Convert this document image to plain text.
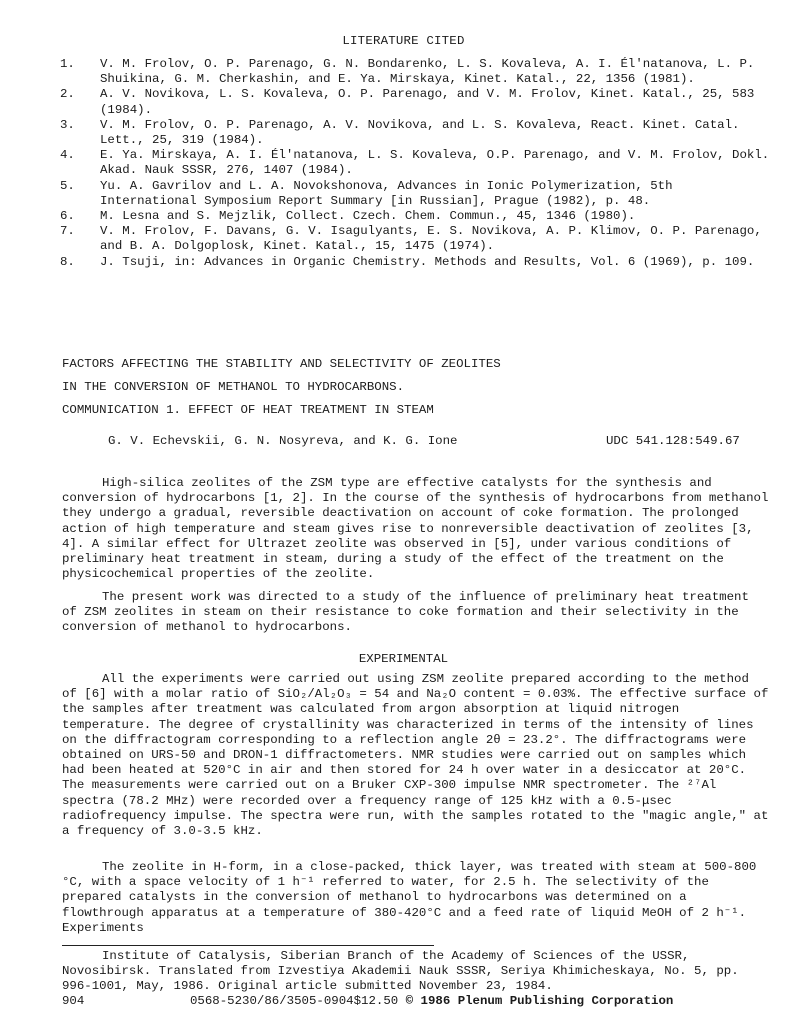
LITERATURE CITED
1.	V. M. Frolov, O. P. Parenago, G. N. Bondarenko, L. S. Kovaleva, A. I. Él'natanova, L. P. Shuikina, G. M. Cherkashin, and E. Ya. Mirskaya, Kinet. Katal., 22, 1356 (1981).
2.	A. V. Novikova, L. S. Kovaleva, O. P. Parenago, and V. M. Frolov, Kinet. Katal., 25, 583 (1984).
3.	V. M. Frolov, O. P. Parenago, A. V. Novikova, and L. S. Kovaleva, React. Kinet. Catal. Lett., 25, 319 (1984).
4.	E. Ya. Mirskaya, A. I. Él'natanova, L. S. Kovaleva, O.P. Parenago, and V. M. Frolov, Dokl. Akad. Nauk SSSR, 276, 1407 (1984).
5.	Yu. A. Gavrilov and L. A. Novokshonova, Advances in Ionic Polymerization, 5th International Symposium Report Summary [in Russian], Prague (1982), p. 48.
6.	M. Lesna and S. Mejzlik, Collect. Czech. Chem. Commun., 45, 1346 (1980).
7.	V. M. Frolov, F. Davans, G. V. Isagulyants, E. S. Novikova, A. P. Klimov, O. P. Parenago, and B. A. Dolgoplosk, Kinet. Katal., 15, 1475 (1974).
8.	J. Tsuji, in: Advances in Organic Chemistry. Methods and Results, Vol. 6 (1969), p. 109.
FACTORS AFFECTING THE STABILITY AND SELECTIVITY OF ZEOLITES
IN THE CONVERSION OF METHANOL TO HYDROCARBONS.
COMMUNICATION 1. EFFECT OF HEAT TREATMENT IN STEAM
G. V. Echevskii, G. N. Nosyreva, and K. G. Ione	UDC 541.128:549.67

High-silica zeolites of the ZSM type are effective catalysts for the synthesis and conversion of hydrocarbons [1, 2]. In the course of the synthesis of hydrocarbons from methanol they undergo a gradual, reversible deactivation on account of coke formation. The prolonged action of high temperature and steam gives rise to nonreversible deactivation of zeolites [3, 4]. A similar effect for Ultrazet zeolite was observed in [5], under various conditions of preliminary heat treatment in steam, during a study of the effect of the treatment on the physicochemical properties of the zeolite.

The present work was directed to a study of the influence of preliminary heat treatment of ZSM zeolites in steam on their resistance to coke formation and their selectivity in the conversion of methanol to hydrocarbons.

EXPERIMENTAL

All the experiments were carried out using ZSM zeolite prepared according to the method of [6] with a molar ratio of SiO₂/Al₂O₃ = 54 and Na₂O content = 0.03%. The effective surface of the samples after treatment was calculated from argon absorption at liquid nitrogen temperature. The degree of crystallinity was characterized in terms of the intensity of lines on the diffractogram corresponding to a reflection angle 2θ = 23.2°. The diffractograms were obtained on URS-50 and DRON-1 diffractometers. NMR studies were carried out on samples which had been heated at 520°C in air and then stored for 24 h over water in a desiccator at 20°C. The measurements were carried out on a Bruker CXP-300 impulse NMR spectrometer. The ²⁷Al spectra (78.2 MHz) were recorded over a frequency range of 125 kHz with a 0.5-μsec radiofrequency impulse. The spectra were run, with the samples rotated to the "magic angle," at a frequency of 3.0-3.5 kHz.

The zeolite in H-form, in a close-packed, thick layer, was treated with steam at 500-800 °C, with a space velocity of 1 h⁻¹ referred to water, for 2.5 h. The selectivity of the prepared catalysts in the conversion of methanol to hydrocarbons was determined on a flowthrough apparatus at a temperature of 380-420°C and a feed rate of liquid MeOH of 2 h⁻¹. Experiments

Institute of Catalysis, Siberian Branch of the Academy of Sciences of the USSR, Novosibirsk. Translated from Izvestiya Akademii Nauk SSSR, Seriya Khimicheskaya, No. 5, pp. 996-1001, May, 1986. Original article submitted November 23, 1984.

904	0568-5230/86/3505-0904$12.50 © 1986 Plenum Publishing Corporation
